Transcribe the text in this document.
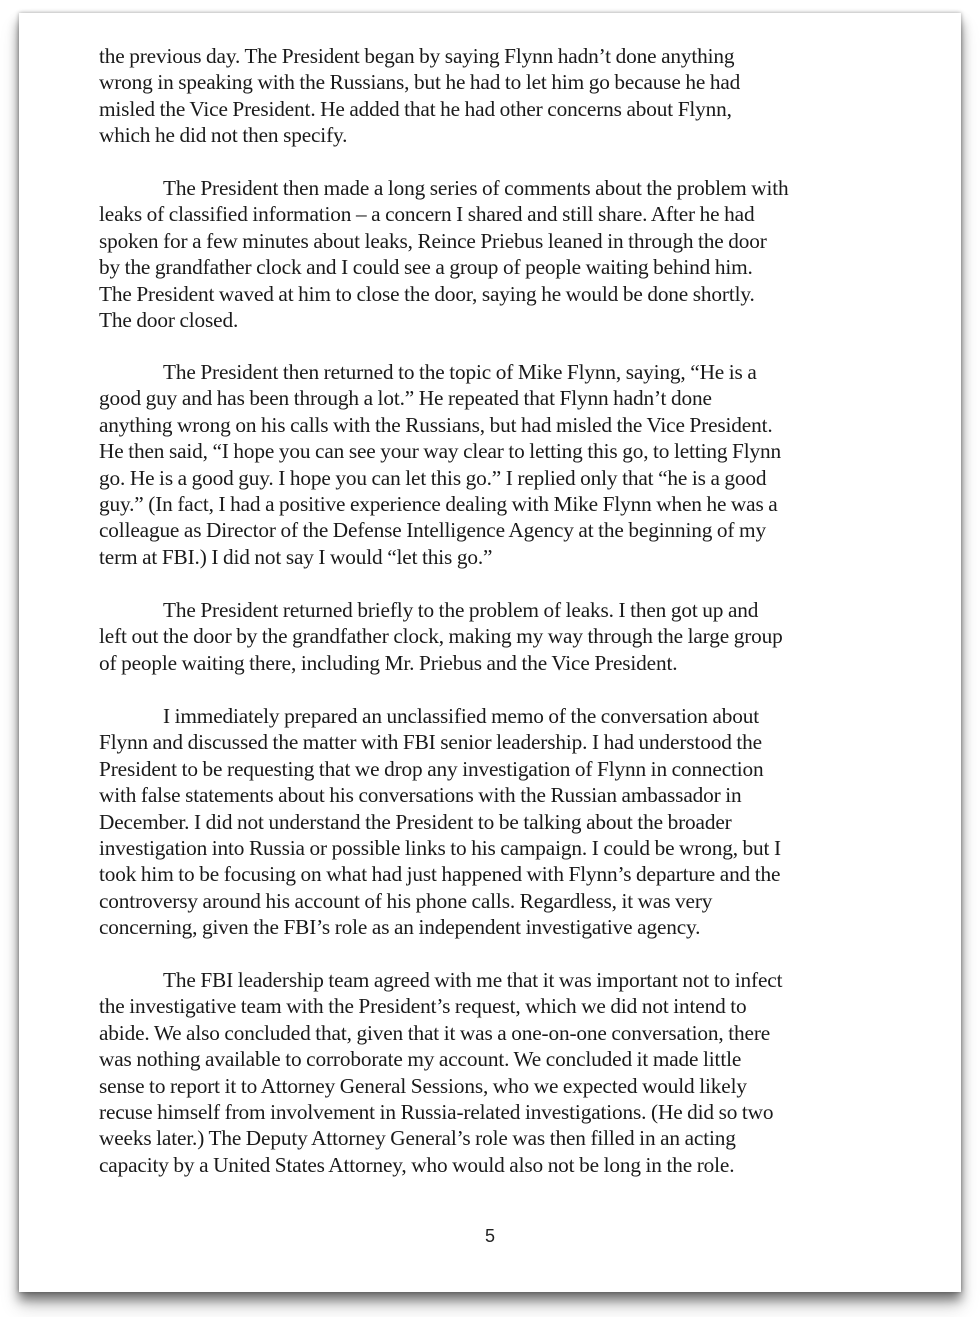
the previous day. The President began by saying Flynn hadn’t done anything
wrong in speaking with the Russians, but he had to let him go because he had
misled the Vice President. He added that he had other concerns about Flynn,
which he did not then specify.

The President then made a long series of comments about the problem with
leaks of classified information – a concern I shared and still share. After he had
spoken for a few minutes about leaks, Reince Priebus leaned in through the door
by the grandfather clock and I could see a group of people waiting behind him.
The President waved at him to close the door, saying he would be done shortly.
The door closed.

The President then returned to the topic of Mike Flynn, saying, “He is a
good guy and has been through a lot.” He repeated that Flynn hadn’t done
anything wrong on his calls with the Russians, but had misled the Vice President.
He then said, “I hope you can see your way clear to letting this go, to letting Flynn
go. He is a good guy. I hope you can let this go.” I replied only that “he is a good
guy.” (In fact, I had a positive experience dealing with Mike Flynn when he was a
colleague as Director of the Defense Intelligence Agency at the beginning of my
term at FBI.) I did not say I would “let this go.”

The President returned briefly to the problem of leaks. I then got up and
left out the door by the grandfather clock, making my way through the large group
of people waiting there, including Mr. Priebus and the Vice President.

I immediately prepared an unclassified memo of the conversation about
Flynn and discussed the matter with FBI senior leadership. I had understood the
President to be requesting that we drop any investigation of Flynn in connection
with false statements about his conversations with the Russian ambassador in
December. I did not understand the President to be talking about the broader
investigation into Russia or possible links to his campaign. I could be wrong, but I
took him to be focusing on what had just happened with Flynn’s departure and the
controversy around his account of his phone calls. Regardless, it was very
concerning, given the FBI’s role as an independent investigative agency.

The FBI leadership team agreed with me that it was important not to infect
the investigative team with the President’s request, which we did not intend to
abide. We also concluded that, given that it was a one-on-one conversation, there
was nothing available to corroborate my account. We concluded it made little
sense to report it to Attorney General Sessions, who we expected would likely
recuse himself from involvement in Russia-related investigations. (He did so two
weeks later.) The Deputy Attorney General’s role was then filled in an acting
capacity by a United States Attorney, who would also not be long in the role.

5
